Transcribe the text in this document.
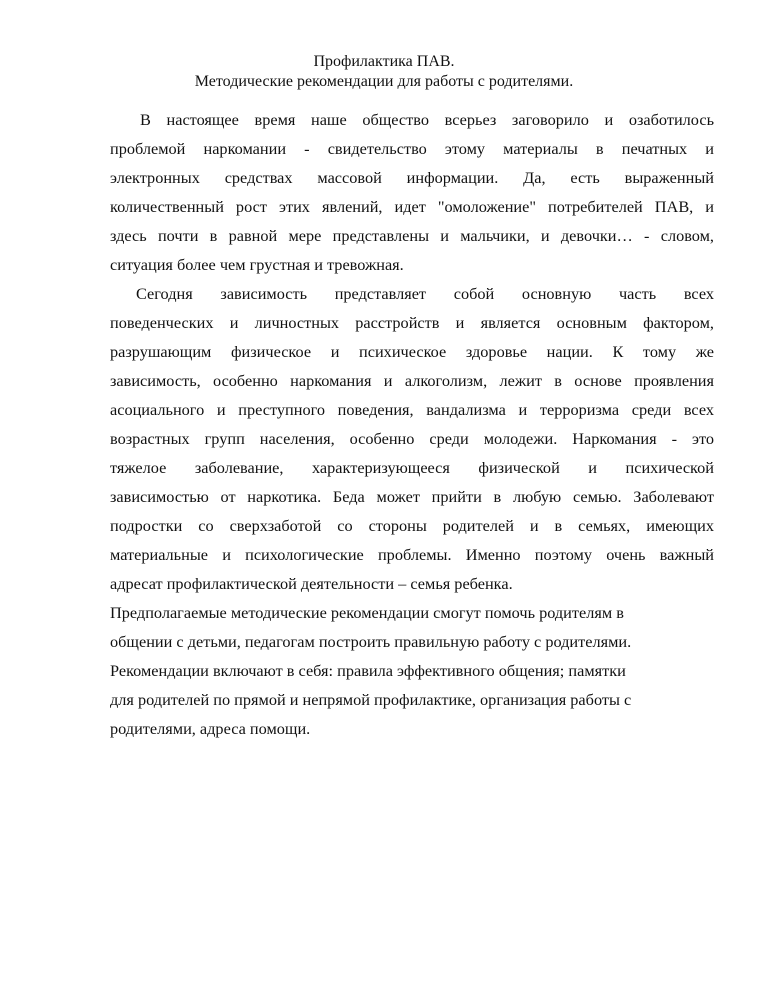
Профилактика ПАВ.
Методические рекомендации для работы с родителями.
В настоящее время наше общество всерьез заговорило и озаботилось
проблемой наркомании - свидетельство этому материалы в печатных и
электронных средствах массовой информации. Да, есть выраженный
количественный рост этих явлений, идет "омоложение" потребителей ПАВ, и
здесь почти в равной мере представлены и мальчики, и девочки… - словом,
ситуация более чем грустная и тревожная.
Сегодня зависимость представляет собой основную часть всех
поведенческих и личностных расстройств и является основным фактором,
разрушающим физическое и психическое здоровье нации. К тому же
зависимость, особенно наркомания и алкоголизм, лежит в основе проявления
асоциального и преступного поведения, вандализма и терроризма среди всех
возрастных групп населения, особенно среди молодежи. Наркомания - это
тяжелое заболевание, характеризующееся физической и психической
зависимостью от наркотика. Беда может прийти в любую семью. Заболевают
подростки со сверхзаботой со стороны родителей и в семьях, имеющих
материальные и психологические проблемы. Именно поэтому очень важный
адресат профилактической деятельности – семья ребенка.
Предполагаемые методические рекомендации смогут помочь родителям в
общении с детьми, педагогам построить правильную работу с родителями.
Рекомендации включают в себя: правила эффективного общения; памятки
для родителей по прямой и непрямой профилактике, организация работы с
родителями, адреса помощи.
